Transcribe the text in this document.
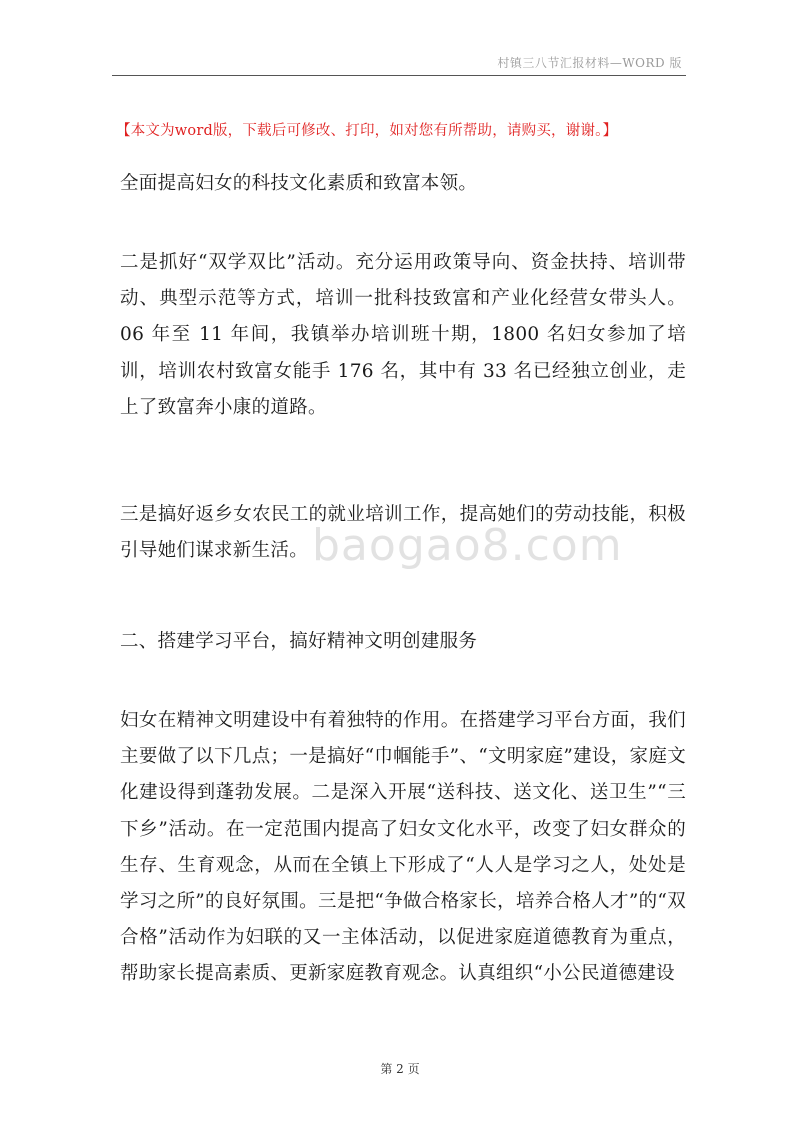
村镇三八节汇报材料—WORD 版
【本文为word版，下载后可修改、打印，如对您有所帮助，请购买，谢谢。】

全面提高妇女的科技文化素质和致富本领。

二是抓好“双学双比”活动。充分运用政策导向、资金扶持、培训带动、典型示范等方式，培训一批科技致富和产业化经营女带头人。06 年至 11 年间，我镇举办培训班十期，1800 名妇女参加了培训，培训农村致富女能手 176 名，其中有 33 名已经独立创业，走上了致富奔小康的道路。

三是搞好返乡女农民工的就业培训工作，提高她们的劳动技能，积极引导她们谋求新生活。

二、搭建学习平台，搞好精神文明创建服务

妇女在精神文明建设中有着独特的作用。在搭建学习平台方面，我们主要做了以下几点；一是搞好“巾帼能手”、“文明家庭”建设，家庭文化建设得到蓬勃发展。二是深入开展“送科技、送文化、送卫生”“三下乡”活动。在一定范围内提高了妇女文化水平，改变了妇女群众的生存、生育观念，从而在全镇上下形成了“人人是学习之人，处处是学习之所”的良好氛围。三是把“争做合格家长，培养合格人才”的“双合格”活动作为妇联的又一主体活动，以促进家庭道德教育为重点，帮助家长提高素质、更新家庭教育观念。认真组织“小公民道德建设

baogao8.com
第 2 页
